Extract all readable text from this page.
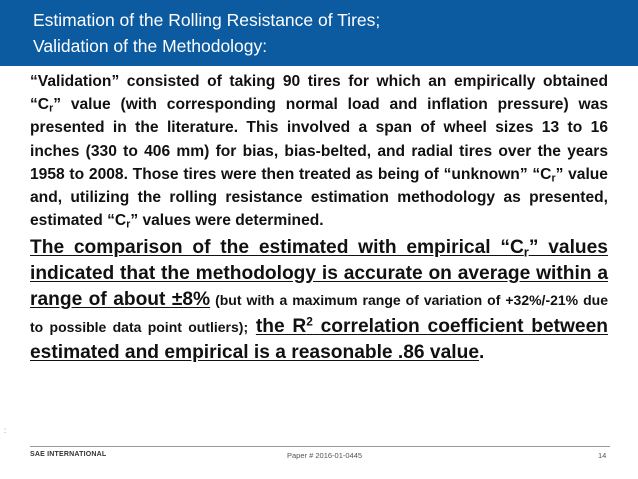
Estimation of the Rolling Resistance of Tires;
Validation of the Methodology:

“Validation” consisted of taking 90 tires for which an empirically obtained “$C_r$” value (with corresponding normal load and inflation pressure) was presented in the literature. This involved a span of wheel sizes 13 to 16 inches (330 to 406 mm) for bias, bias-belted, and radial tires over the years 1958 to 2008. Those tires were then treated as being of “unknown” “$C_r$” value and, utilizing the rolling resistance estimation methodology as presented, estimated “$C_r$” values were determined.

The comparison of the estimated with empirical “$C_r$” values indicated that the methodology is accurate on average within a range of about ±8% (but with a maximum range of variation of +32%/-21% due to possible data point outliers); the $R^2$ correlation coefficient between estimated and empirical is a reasonable .86 value.

:
SAE INTERNATIONAL	Paper # 2016-01-0445	14
